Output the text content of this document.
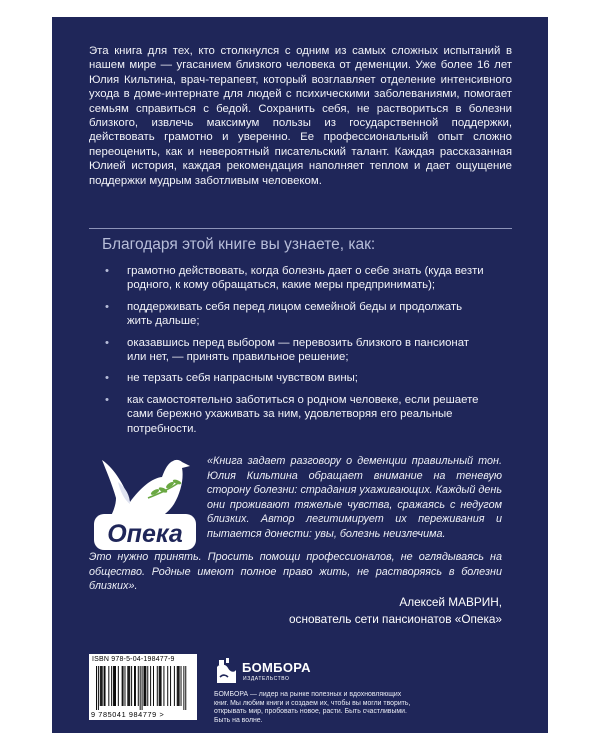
Эта книга для тех, кто столкнулся с одним из самых сложных испытаний в нашем мире — угасанием близкого человека от деменции. Уже более 16 лет Юлия Кильтина, врач-терапевт, который возглавляет отделение интенсивного ухода в доме-интернате для людей с психическими заболеваниями, помогает семьям справиться с бедой. Сохранить себя, не раствориться в болезни близкого, извлечь максимум пользы из государственной поддержки, действовать грамотно и уверенно. Ее профессиональный опыт сложно переоценить, как и невероятный писательский талант. Каждая рассказанная Юлией история, каждая рекомендация наполняет теплом и дает ощущение поддержки мудрым заботливым человеком.

Благодаря этой книге вы узнаете, как:
• грамотно действовать, когда болезнь дает о себе знать (куда везти родного, к кому обращаться, какие меры предпринимать);
• поддерживать себя перед лицом семейной беды и продолжать жить дальше;
• оказавшись перед выбором — перевозить близкого в пансионат или нет, — принять правильное решение;
• не терзать себя напрасным чувством вины;
• как самостоятельно заботиться о родном человеке, если решаете сами бережно ухаживать за ним, удовлетворяя его реальные потребности.
Опека

«Книга задает разговору о деменции правильный тон. Юлия Кильтина обращает внимание на теневую сторону болезни: страдания ухаживающих. Каждый день они проживают тяжелые чувства, сражаясь с недугом близких. Автор легитимирует их переживания и пытается донести: увы, болезнь неизлечима.

Это нужно принять. Просить помощи профессионалов, не оглядываясь на общество. Родные имеют полное право жить, не растворяясь в болезни близких».

Алексей МАВРИН,
основатель сети пансионатов «Опека»
ISBN 978-5-04-198477-9
9 785041 984779 >
БОМБОРА
ИЗДАТЕЛЬСТВО

БОМБОРА — лидер на рынке полезных и вдохновляющих книг. Мы любим книги и создаем их, чтобы вы могли творить, открывать мир, пробовать новое, расти. Быть счастливыми. Быть на волне.
